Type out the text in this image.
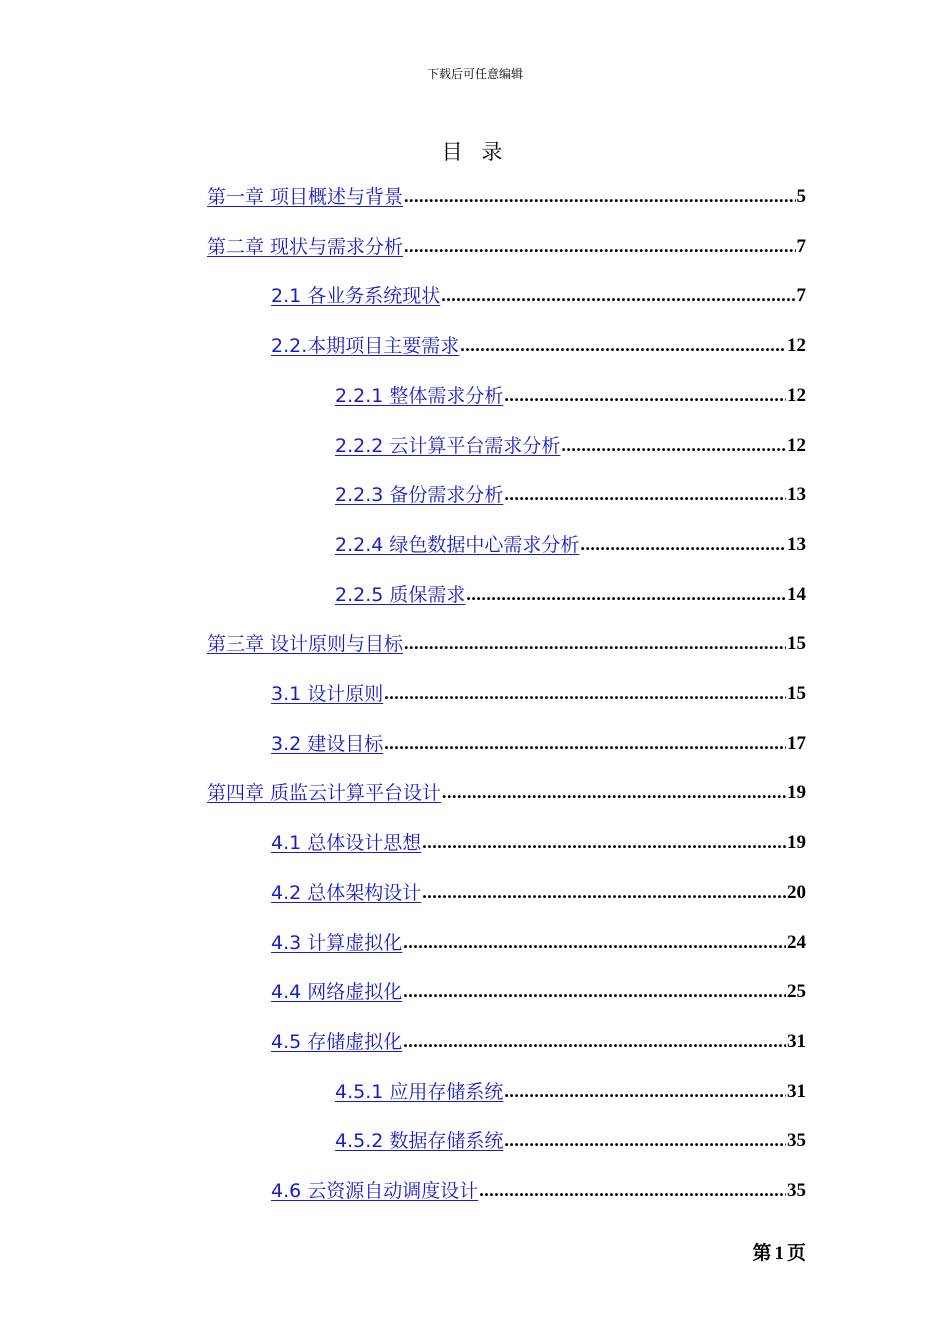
下载后可任意编辑
目 录
第一章 项目概述与背景 .....	5
第二章 现状与需求分析 .....	7
2.1 各业务系统现状 .....	7
2.2.本期项目主要需求 .....	12
2.2.1 整体需求分析 .....	12
2.2.2 云计算平台需求分析 .....	12
2.2.3 备份需求分析 .....	13
2.2.4 绿色数据中心需求分析 .....	13
2.2.5 质保需求 .....	14
第三章 设计原则与目标 .....	15
3.1 设计原则 .....	15
3.2 建设目标 .....	17
第四章 质监云计算平台设计 .....	19
4.1 总体设计思想 .....	19
4.2 总体架构设计 .....	20
4.3 计算虚拟化 .....	24
4.4 网络虚拟化 .....	25
4.5 存储虚拟化 .....	31
4.5.1 应用存储系统 .....	31
4.5.2 数据存储系统 .....	35
4.6 云资源自动调度设计 .....	35
第 1 页
